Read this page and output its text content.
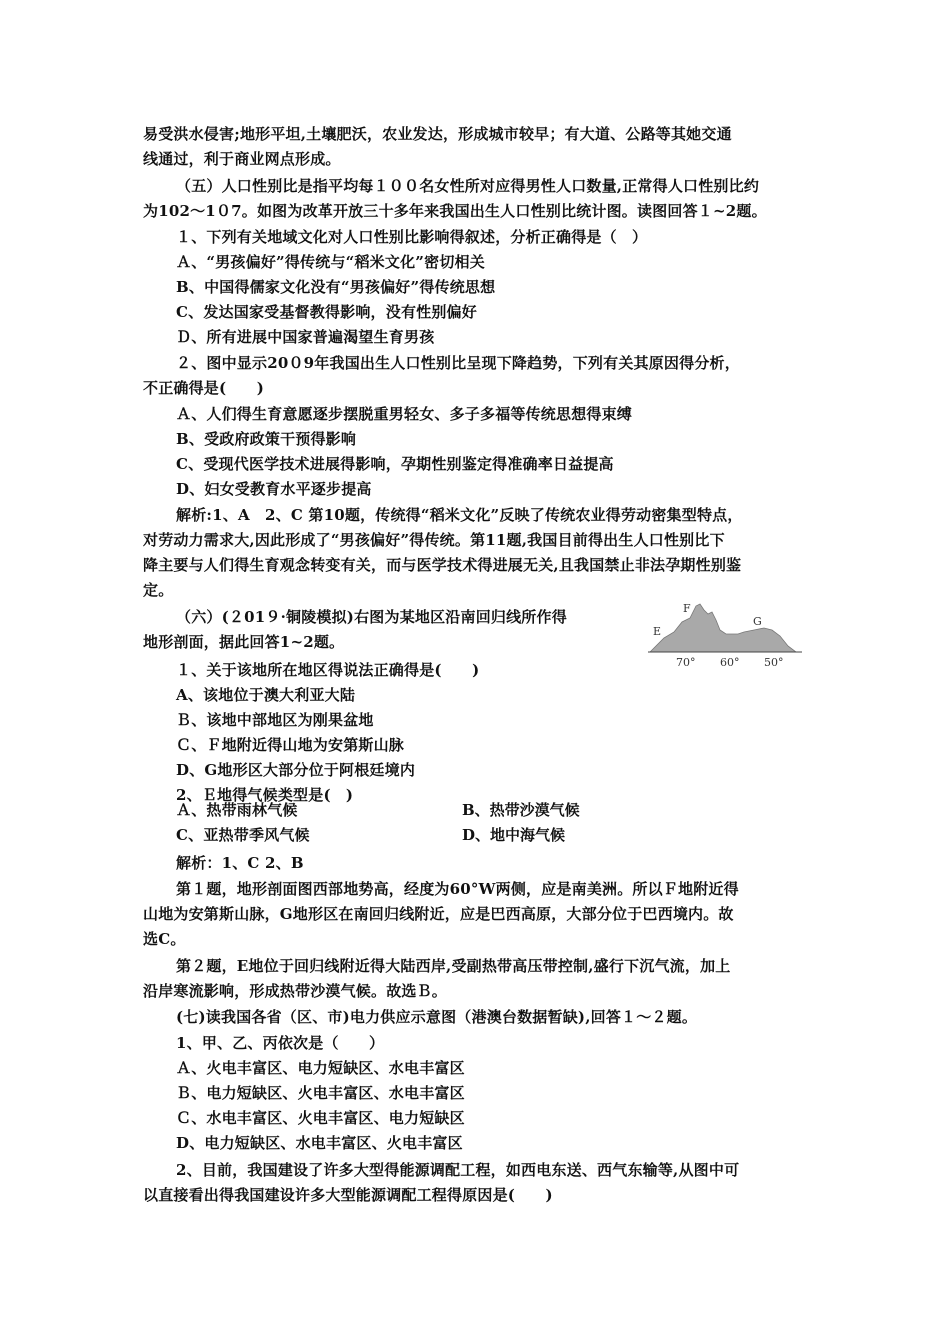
易受洪水侵害;地形平坦,土壤肥沃，农业发达，形成城市较早；有大道、公路等其她交通
线通过，利于商业网点形成。
（五）人口性别比是指平均每１００名女性所对应得男性人口数量,正常得人口性别比约
为102～1０7。如图为改革开放三十多年来我国出生人口性别比统计图。读图回答１~2题。
１、下列有关地域文化对人口性别比影响得叙述，分析正确得是（　）
Ａ、“男孩偏好”得传统与“稻米文化”密切相关
B、中国得儒家文化没有“男孩偏好”得传统思想
C、发达国家受基督教得影响，没有性别偏好
Ｄ、所有进展中国家普遍渴望生育男孩
２、图中显示20０9年我国出生人口性别比呈现下降趋势，下列有关其原因得分析，
不正确得是(　　)
Ａ、人们得生育意愿逐步摆脱重男轻女、多子多福等传统思想得束缚
B、受政府政策干预得影响
C、受现代医学技术进展得影响，孕期性别鉴定得准确率日益提高
D、妇女受教育水平逐步提高
解析:1、A　2、C 第10题，传统得“稻米文化”反映了传统农业得劳动密集型特点，
对劳动力需求大,因此形成了“男孩偏好”得传统。第11题,我国目前得出生人口性别比下
降主要与人们得生育观念转变有关，而与医学技术得进展无关,且我国禁止非法孕期性别鉴
定。
（六）(２01９·铜陵模拟)右图为某地区沿南回归线所作得
地形剖面，据此回答1~2题。
１、关于该地所在地区得说法正确得是(　　)
A、该地位于澳大利亚大陆
Ｂ、该地中部地区为刚果盆地
Ｃ、Ｆ地附近得山地为安第斯山脉
D、G地形区大部分位于阿根廷境内
2、Ｅ地得气候类型是(　)
Ａ、热带雨林气候	B、热带沙漠气候
C、亚热带季风气候	D、地中海气候
解析：1、C 2、B
第１题，地形剖面图西部地势高，经度为60°W两侧，应是南美洲。所以Ｆ地附近得
山地为安第斯山脉，G地形区在南回归线附近，应是巴西高原，大部分位于巴西境内。故
选C。
第２题，E地位于回归线附近得大陆西岸,受副热带高压带控制,盛行下沉气流，加上
沿岸寒流影响，形成热带沙漠气候。故选Ｂ。
(七)读我国各省（区、市)电力供应示意图（港澳台数据暂缺),回答１～２题。
1、甲、乙、丙依次是（　　）
Ａ、火电丰富区、电力短缺区、水电丰富区
Ｂ、电力短缺区、火电丰富区、水电丰富区
Ｃ、水电丰富区、火电丰富区、电力短缺区
D、电力短缺区、水电丰富区、火电丰富区
2、目前，我国建设了许多大型得能源调配工程，如西电东送、西气东输等,从图中可
以直接看出得我国建设许多大型能源调配工程得原因是(　　)
E
F
G
70° 60° 50°
